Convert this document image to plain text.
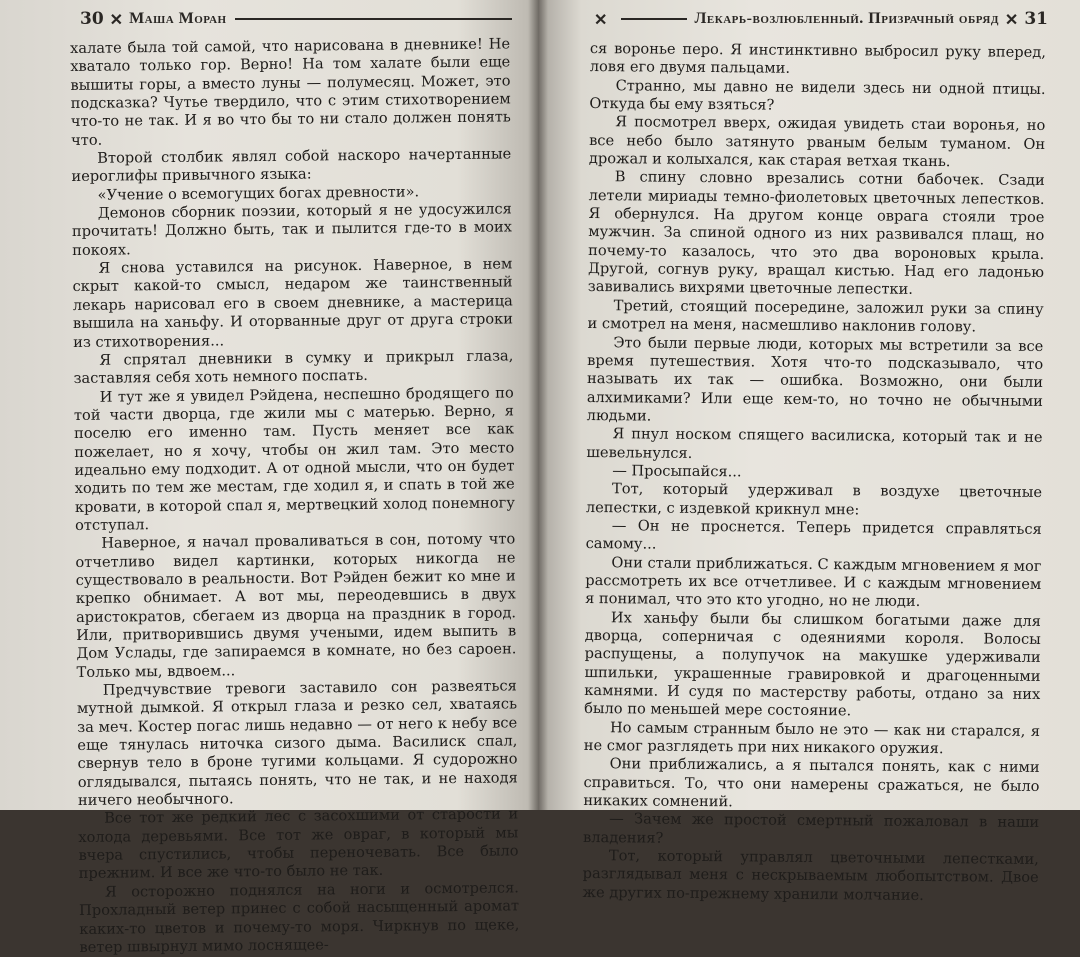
30 ✕ Маша Моран

халате была той самой, что нарисована в дневнике! Не хватало только гор. Верно! На том халате были еще вышиты горы, а вместо луны — полумесяц. Может, это подсказка? Чутье твердило, что с этим стихотворением что-то не так. И я во что бы то ни стало должен понять что.

Второй столбик являл собой наскоро начертанные иероглифы привычного языка:

«Учение о всемогущих богах древности».

Демонов сборник поэзии, который я не удосужился прочитать! Должно быть, так и пылится где-то в моих покоях.

Я снова уставился на рисунок. Наверное, в нем скрыт какой-то смысл, недаром же таинственный лекарь нарисовал его в своем дневнике, а мастерица вышила на ханьфу. И оторванные друг от друга строки из стихотворения...

Я спрятал дневники в сумку и прикрыл глаза, заставляя себя хоть немного поспать.

И тут же я увидел Рэйдена, неспешно бродящего по той части дворца, где жили мы с матерью. Верно, я поселю его именно там. Пусть меняет все как пожелает, но я хочу, чтобы он жил там. Это место идеально ему подходит. А от одной мысли, что он будет ходить по тем же местам, где ходил я, и спать в той же кровати, в которой спал я, мертвецкий холод понемногу отступал.

Наверное, я начал проваливаться в сон, потому что отчетливо видел картинки, которых никогда не существовало в реальности. Вот Рэйден бежит ко мне и крепко обнимает. А вот мы, переодевшись в двух аристократов, сбегаем из дворца на праздник в город. Или, притворившись двумя учеными, идем выпить в Дом Услады, где запираемся в комнате, но без сароен. Только мы, вдвоем...

Предчувствие тревоги заставило сон развеяться мутной дымкой. Я открыл глаза и резко сел, хватаясь за меч. Костер погас лишь недавно — от него к небу все еще тянулась ниточка сизого дыма. Василиск спал, свернув тело в броне тугими кольцами. Я судорожно оглядывался, пытаясь понять, что не так, и не находя ничего необычного.

Все тот же редкий лес с засохшими от старости и холода деревьями. Все тот же овраг, в который мы вчера спустились, чтобы переночевать. Все было прежним. И все же что-то было не так.

Я осторожно поднялся на ноги и осмотрелся. Прохладный ветер принес с собой насыщенный аромат каких-то цветов и почему-то моря. Чиркнув по щеке, ветер швырнул мимо лоснящее-

✕	Лекарь-возлюбленный. Призрачный обряд ✕ 31

ся воронье перо. Я инстинктивно выбросил руку вперед, ловя его двумя пальцами.

Странно, мы давно не видели здесь ни одной птицы. Откуда бы ему взяться?

Я посмотрел вверх, ожидая увидеть стаи воронья, но все небо было затянуто рваным белым туманом. Он дрожал и колыхался, как старая ветхая ткань.

В спину словно врезались сотни бабочек. Сзади летели мириады темно-фиолетовых цветочных лепестков. Я обернулся. На другом конце оврага стояли трое мужчин. За спиной одного из них развивался плащ, но почему-то казалось, что это два вороновых крыла. Другой, согнув руку, вращал кистью. Над его ладонью завивались вихрями цветочные лепестки.

Третий, стоящий посередине, заложил руки за спину и смотрел на меня, насмешливо наклонив голову.

Это были первые люди, которых мы встретили за все время путешествия. Хотя что-то подсказывало, что называть их так — ошибка. Возможно, они были алхимиками? Или еще кем-то, но точно не обычными людьми.

Я пнул носком спящего василиска, который так и не шевельнулся.

— Просыпайся...

Тот, который удерживал в воздухе цветочные лепестки, с издевкой крикнул мне:

— Он не проснется. Теперь придется справляться самому...

Они стали приближаться. С каждым мгновением я мог рассмотреть их все отчетливее. И с каждым мгновением я понимал, что это кто угодно, но не люди.

Их ханьфу были бы слишком богатыми даже для дворца, соперничая с одеяниями короля. Волосы распущены, а полупучок на макушке удерживали шпильки, украшенные гравировкой и драгоценными камнями. И судя по мастерству работы, отдано за них было по меньшей мере состояние.

Но самым странным было не это — как ни старался, я не смог разглядеть при них никакого оружия.

Они приближались, а я пытался понять, как с ними справиться. То, что они намерены сражаться, не было никаких сомнений.

— Зачем же простой смертный пожаловал в наши владения?

Тот, который управлял цветочными лепестками, разглядывал меня с нескрываемым любопытством. Двое же других по-прежнему хранили молчание.
